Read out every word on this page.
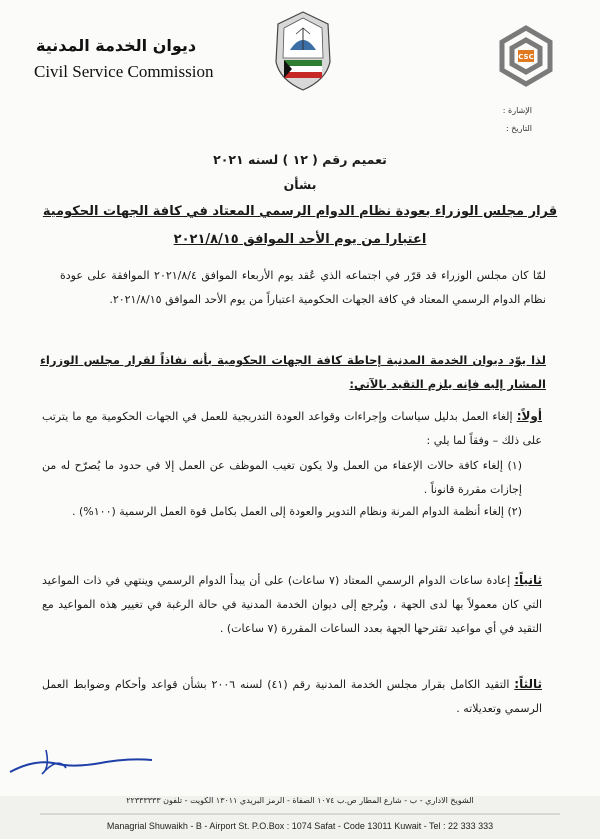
ديوان الخدمة المدنية
Civil Service Commission
CSC
الإشارة :
التاريخ :
تعميم رقم ( ١٢ ) لسنه ٢٠٢١
بشأن
قرار مجلس الوزراء بعودة نظام الدوام الرسمي المعتاد في كافة الجهات الحكومية
اعتبارا من يوم الأحد الموافق ٢٠٢١/٨/١٥
لمّا كان مجلس الوزراء قد قرّر في اجتماعه الذي عُقد يوم الأربعاء الموافق ٢٠٢١/٨/٤ الموافقة على عودة نظام الدوام الرسمي المعتاد في كافة الجهات الحكومية اعتباراً من يوم الأحد الموافق ٢٠٢١/٨/١٥.
لذا يوّد ديوان الخدمة المدنية إحاطة كافة الجهات الحكومية بأنه نفاذاً لقرار مجلس الوزراء المشار إليه فإنه يلزم التقيد بالآتي:
أولاً: إلغاء العمل بدليل سياسات وإجراءات وقواعد العودة التدريجية للعمل في الجهات الحكومية مع ما يترتب على ذلك – وفقاً لما يلي :
(١) إلغاء كافة حالات الإعفاء من العمل ولا يكون تغيب الموظف عن العمل إلا في حدود ما يُصرّح له من إجازات مقررة قانوناً .
(٢) إلغاء أنظمة الدوام المرنة ونظام التدوير والعودة إلى العمل بكامل قوة العمل الرسمية (١٠٠%) .
ثانياً: إعادة ساعات الدوام الرسمي المعتاد (٧ ساعات) على أن يبدأ الدوام الرسمي وينتهي في ذات المواعيد التي كان معمولاً بها لدى الجهة ، ويُرجع إلى ديوان الخدمة المدنية في حالة الرغبة في تغيير هذه المواعيد مع التقيد في أي مواعيد تقترحها الجهة بعدد الساعات المقررة (٧ ساعات) .
ثالثاً: التقيد الكامل بقرار مجلس الخدمة المدنية رقم (٤١) لسنه ٢٠٠٦ بشأن قواعد وأحكام وضوابط العمل الرسمي وتعديلاته .
الشويخ الاداري - ب - شارع المطار ص.ب ١٠٧٤ الصفاة - الرمز البريدي ١٣٠١١ الكويت - تلفون ٢٢٣٣٣٣٣٣
Managrial Shuwaikh - B - Airport St. P.O.Box : 1074 Safat - Code 13011 Kuwait - Tel : 22 333 333
